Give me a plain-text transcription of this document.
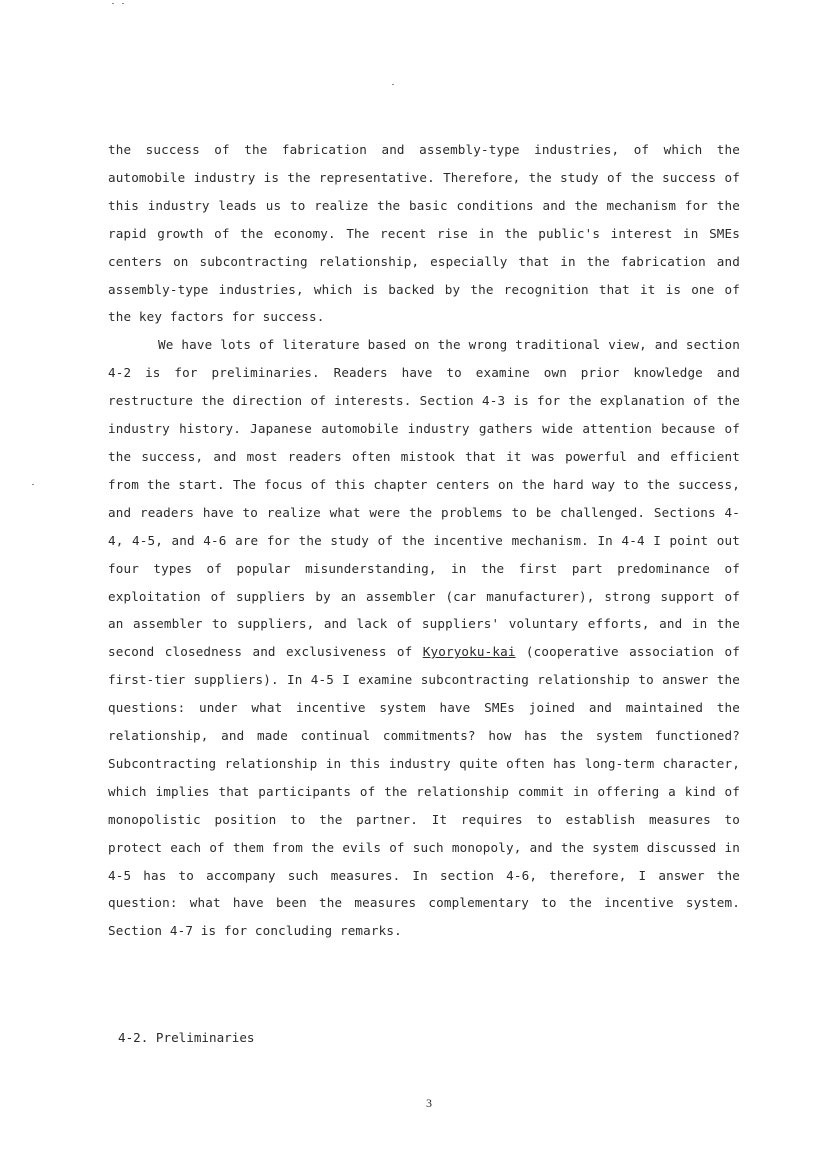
the success of the fabrication and assembly-type industries, of which the automobile industry is the representative. Therefore, the study of the success of this industry leads us to realize the basic conditions and the mechanism for the rapid growth of the economy. The recent rise in the public's interest in SMEs centers on subcontracting relationship, especially that in the fabrication and assembly-type industries, which is backed by the recognition that it is one of the key factors for success.

We have lots of literature based on the wrong traditional view, and section 4-2 is for preliminaries. Readers have to examine own prior knowledge and restructure the direction of interests. Section 4-3 is for the explanation of the industry history. Japanese automobile industry gathers wide attention because of the success, and most readers often mistook that it was powerful and efficient from the start. The focus of this chapter centers on the hard way to the success, and readers have to realize what were the problems to be challenged. Sections 4-4, 4-5, and 4-6 are for the study of the incentive mechanism. In 4-4 I point out four types of popular misunderstanding, in the first part predominance of exploitation of suppliers by an assembler (car manufacturer), strong support of an assembler to suppliers, and lack of suppliers' voluntary efforts, and in the second closedness and exclusiveness of Kyoryoku-kai (cooperative association of first-tier suppliers). In 4-5 I examine subcontracting relationship to answer the questions: under what incentive system have SMEs joined and maintained the relationship, and made continual commitments? how has the system functioned? Subcontracting relationship in this industry quite often has long-term character, which implies that participants of the relationship commit in offering a kind of monopolistic position to the partner. It requires to establish measures to protect each of them from the evils of such monopoly, and the system discussed in 4-5 has to accompany such measures. In section 4-6, therefore, I answer the question: what have been the measures complementary to the incentive system. Section 4-7 is for concluding remarks.

4-2. Preliminaries
3
